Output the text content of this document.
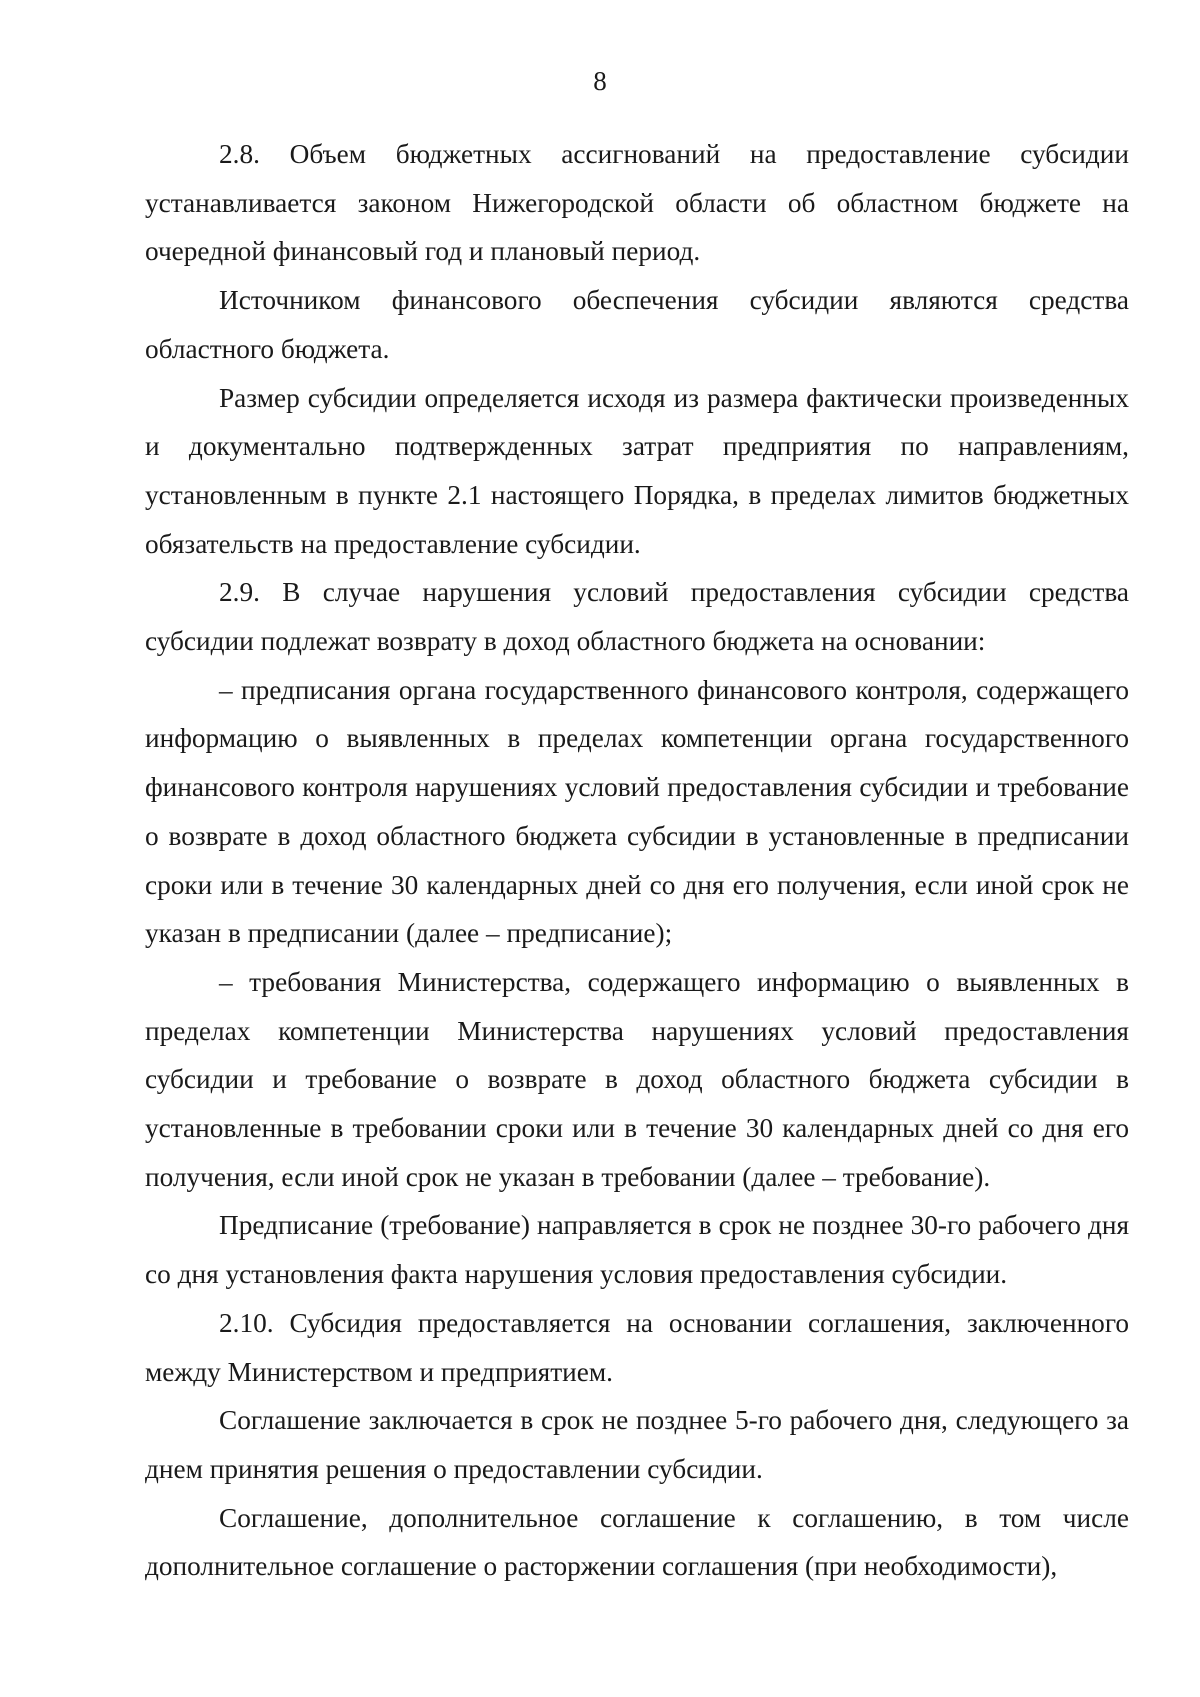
8

2.8. Объем бюджетных ассигнований на предоставление субсидии устанавливается законом Нижегородской области об областном бюджете на очередной финансовый год и плановый период.

Источником финансового обеспечения субсидии являются средства областного бюджета.

Размер субсидии определяется исходя из размера фактически произведенных и документально подтвержденных затрат предприятия по направлениям, установленным в пункте 2.1 настоящего Порядка, в пределах лимитов бюджетных обязательств на предоставление субсидии.

2.9. В случае нарушения условий предоставления субсидии средства субсидии подлежат возврату в доход областного бюджета на основании:

– предписания органа государственного финансового контроля, содержащего информацию о выявленных в пределах компетенции органа государственного финансового контроля нарушениях условий предоставления субсидии и требование о возврате в доход областного бюджета субсидии в установленные в предписании сроки или в течение 30 календарных дней со дня его получения, если иной срок не указан в предписании (далее – предписание);

– требования Министерства, содержащего информацию о выявленных в пределах компетенции Министерства нарушениях условий предоставления субсидии и требование о возврате в доход областного бюджета субсидии в установленные в требовании сроки или в течение 30 календарных дней со дня его получения, если иной срок не указан в требовании (далее – требование).

Предписание (требование) направляется в срок не позднее 30-го рабочего дня со дня установления факта нарушения условия предоставления субсидии.

2.10. Субсидия предоставляется на основании соглашения, заключенного между Министерством и предприятием.

Соглашение заключается в срок не позднее 5-го рабочего дня, следующего за днем принятия решения о предоставлении субсидии.

Соглашение, дополнительное соглашение к соглашению, в том числе дополнительное соглашение о расторжении соглашения (при необходимости),
